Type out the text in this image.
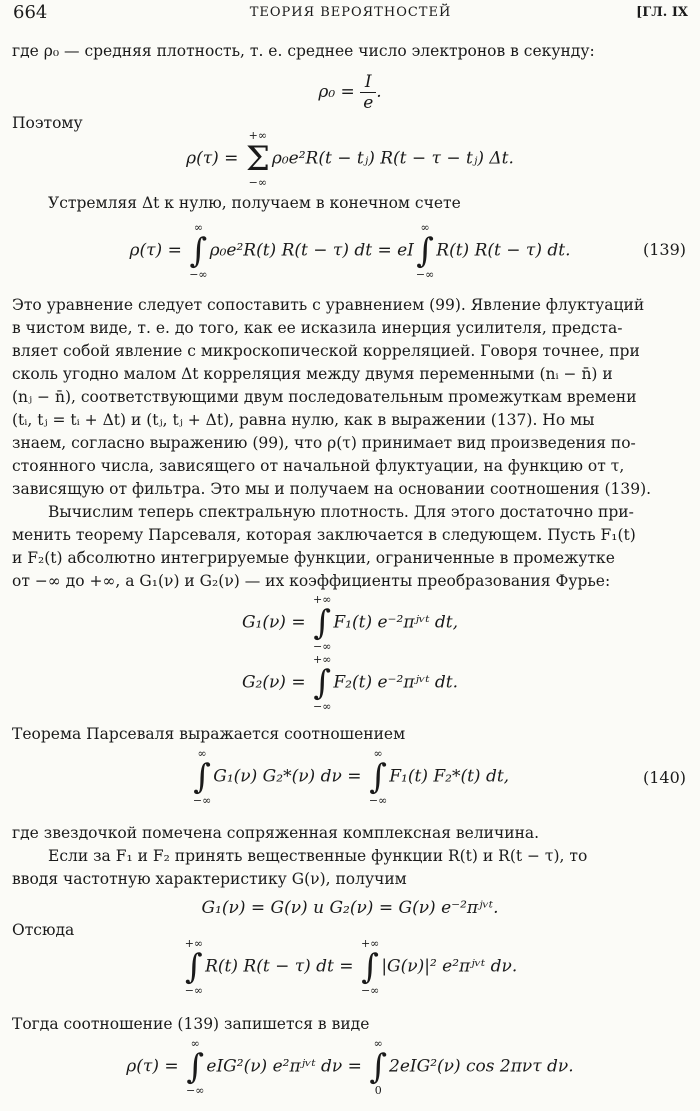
664	ТЕОРИЯ ВЕРОЯТНОСТЕЙ	[ГЛ. IX
где ρ₀ — средняя плотность, т. е. среднее число электронов в секунду:
$\rho_0 = \frac{I}{e}$ .
Поэтому
ρ(τ) =
+∞
Σ
−∞
ρ₀e²R(t − tⱼ) R(t − τ − tⱼ) Δt.
Устремляя Δt к нулю, получаем в конечном счете
ρ(τ) =
∞
∫
−∞
ρ₀e²R(t) R(t − τ) dt = eI
∞
∫
−∞
R(t) R(t − τ) dt.	(139)
Это уравнение следует сопоставить с уравнением (99). Явление флуктуаций
в чистом виде, т. е. до того, как ее исказила инерция усилителя, предста-
вляет собой явление с микроскопической корреляцией. Говоря точнее, при
сколь угодно малом Δt корреляция между двумя переменными (nᵢ − n̄) и
(nⱼ − n̄), соответствующими двум последовательным промежуткам времени
(tᵢ, tⱼ = tᵢ + Δt) и (tⱼ, tⱼ + Δt), равна нулю, как в выражении (137). Но мы
знаем, согласно выражению (99), что ρ(τ) принимает вид произведения по-
стоянного числа, зависящего от начальной флуктуации, на функцию от τ,
зависящую от фильтра. Это мы и получаем на основании соотношения (139).
Вычислим теперь спектральную плотность. Для этого достаточно при-
менить теорему Парсеваля, которая заключается в следующем. Пусть F₁(t)
и F₂(t) абсолютно интегрируемые функции, ограниченные в промежутке
от −∞ до +∞, а G₁(ν) и G₂(ν) — их коэффициенты преобразования Фурье:
G₁(ν) =
+∞
∫
−∞
F₁(t) e⁻²πʲᵛᵗ dt,
G₂(ν) =
+∞
∫
−∞
F₂(t) e⁻²πʲᵛᵗ dt.
Теорема Парсеваля выражается соотношением
∞
∫
−∞
G₁(ν) G₂*(ν) dν =
∞
∫
−∞
F₁(t) F₂*(t) dt,	(140)
где звездочкой помечена сопряженная комплексная величина.
Если за F₁ и F₂ принять вещественные функции R(t) и R(t − τ), то
вводя частотную характеристику G(ν), получим
G₁(ν) = G(ν) и G₂(ν) = G(ν) e⁻²πʲᵛᵗ.
Отсюда
+∞
∫
−∞
R(t) R(t − τ) dt =
+∞
∫
−∞
|G(ν)|² e²πʲᵛᵗ dν.
Тогда соотношение (139) запишется в виде
ρ(τ) =
∞
∫
−∞
eIG²(ν) e²πʲᵛᵗ dν =
∞
∫
0
2eIG²(ν) cos 2πντ dν.
